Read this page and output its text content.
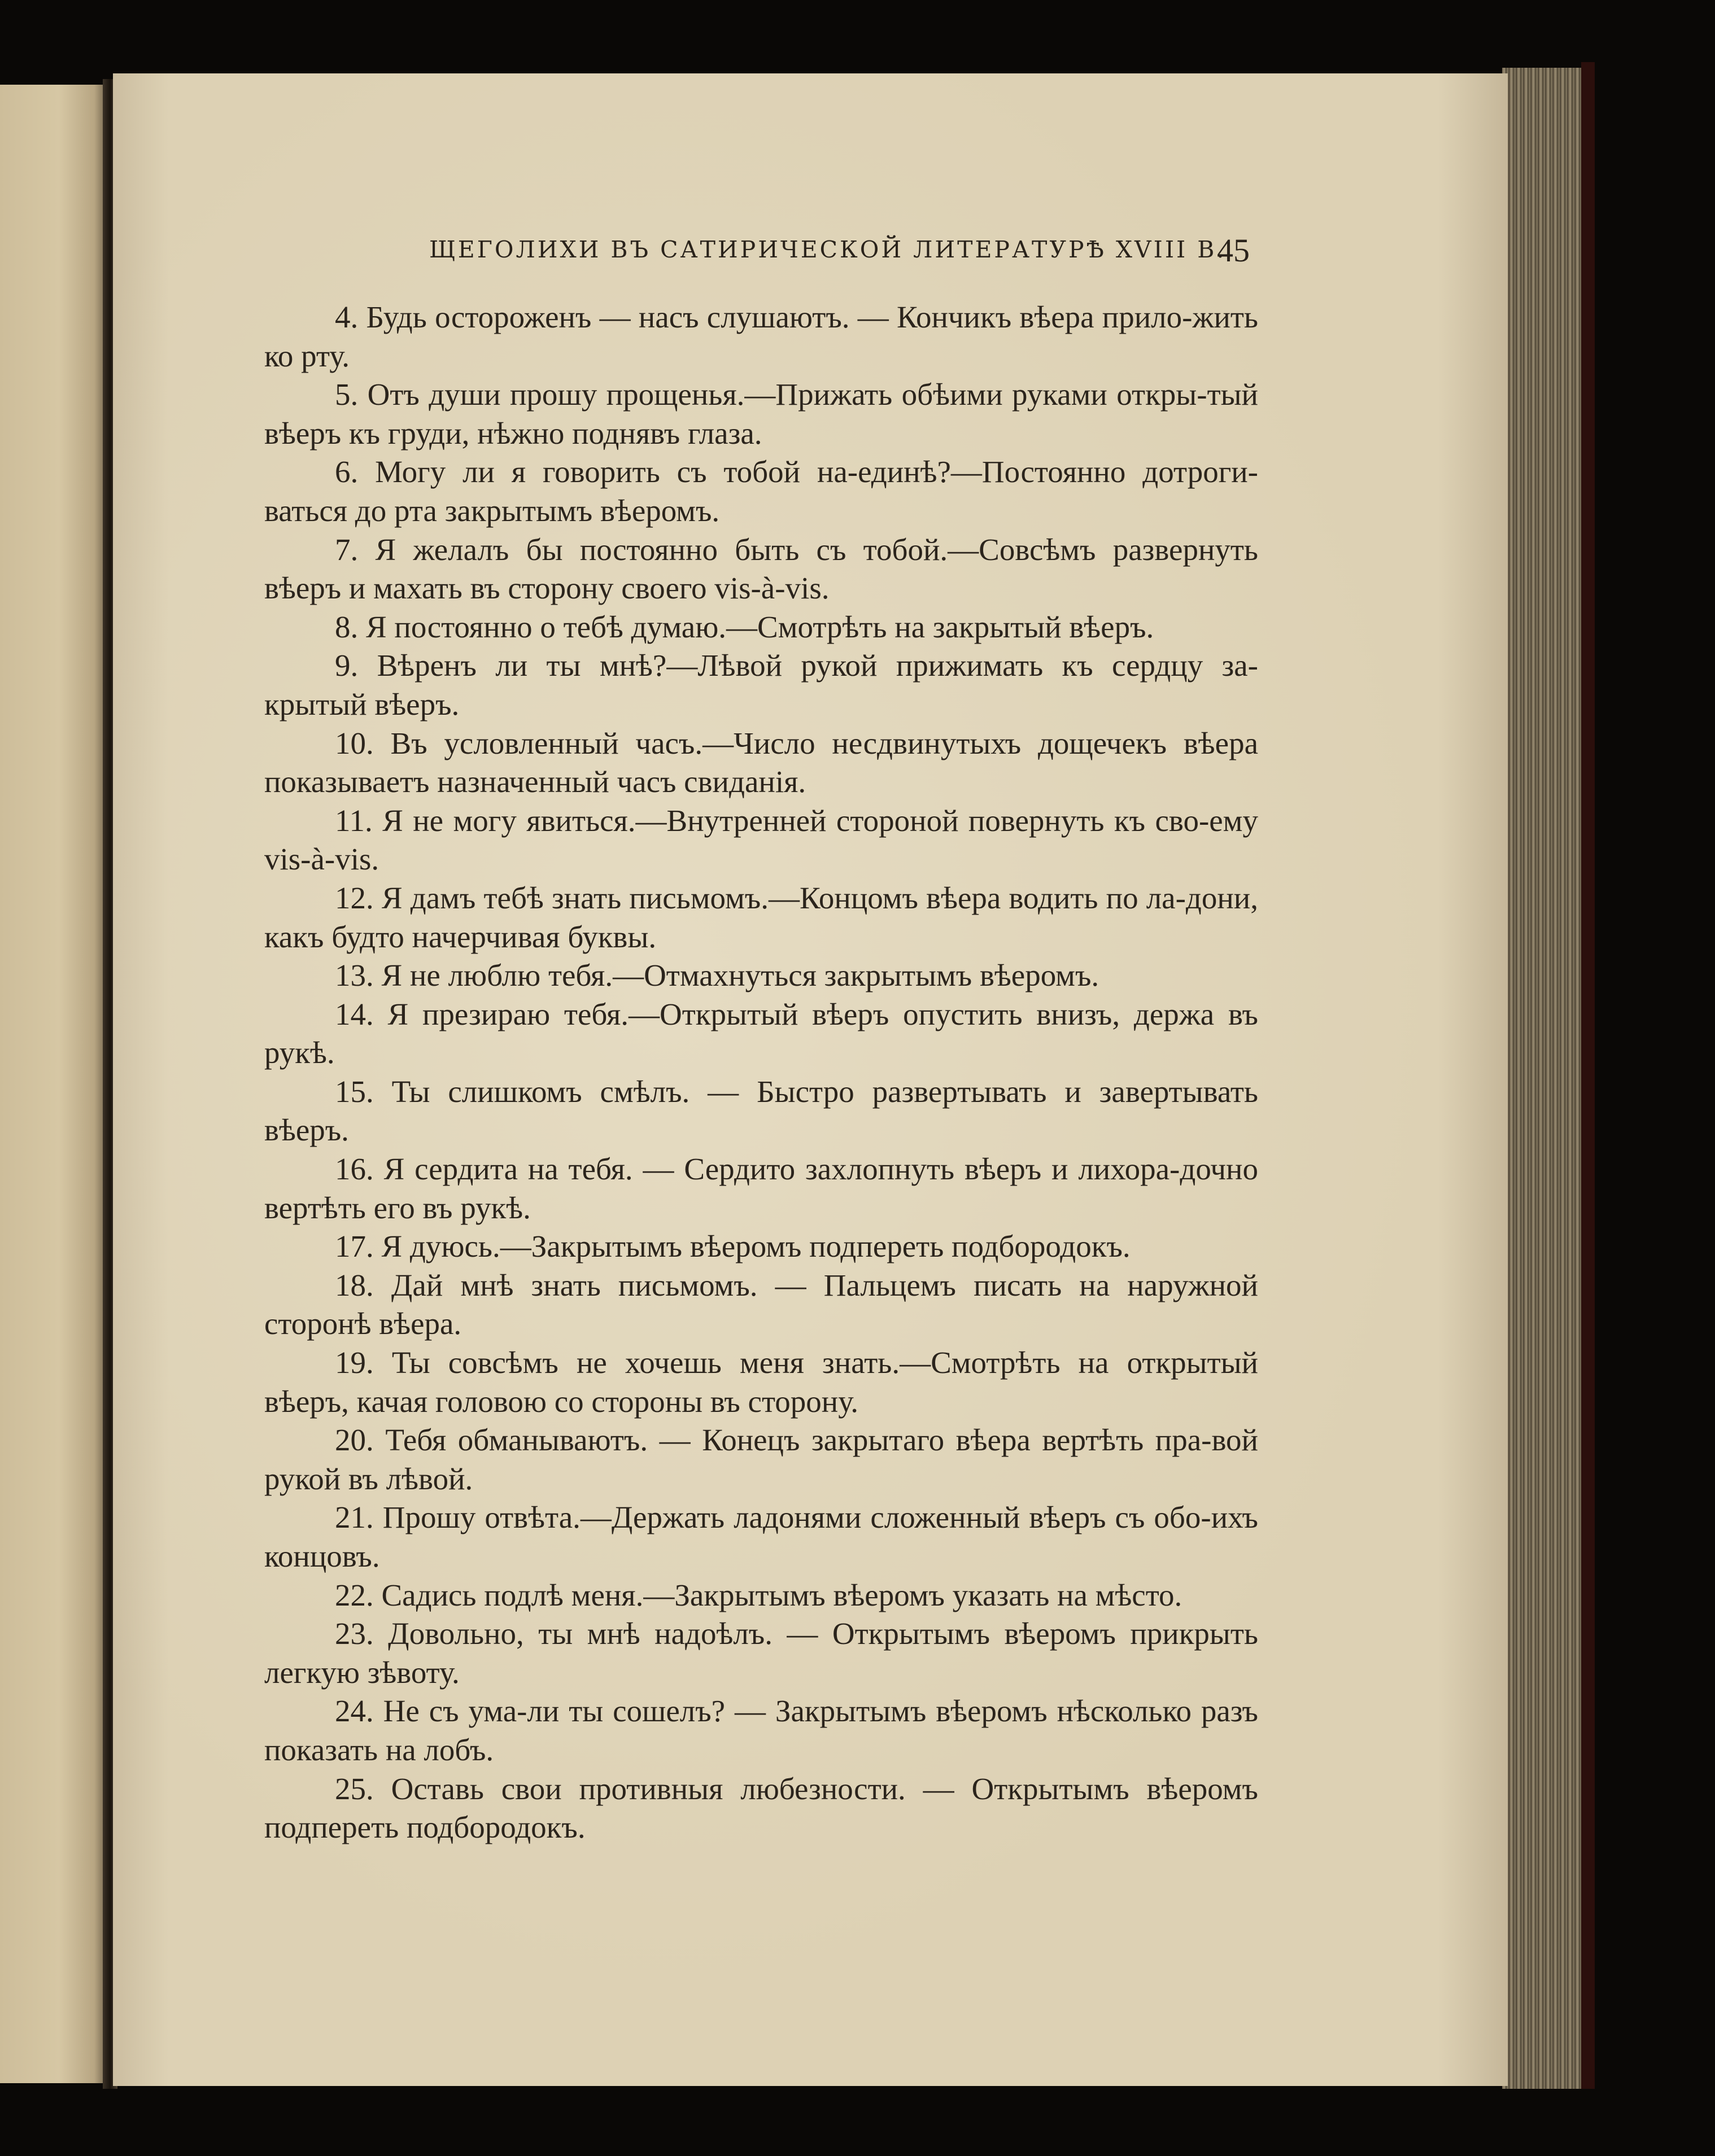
ЩЕГОЛИХИ ВЪ САТИРИЧЕСКОЙ ЛИТЕРАТУРѢ XVIII В.
45

4. Будь остороженъ — насъ слушаютъ. — Кончикъ вѣера прило-жить ко рту.

5. Отъ души прошу прощенья.—Прижать обѣими руками откры-тый вѣеръ къ груди, нѣжно поднявъ глаза.

6. Могу ли я говорить съ тобой на-единѣ?—Постоянно дотроги-ваться до рта закрытымъ вѣеромъ.

7. Я желалъ бы постоянно быть съ тобой.—Совсѣмъ развернуть вѣеръ и махать въ сторону своего vis-à-vis.

8. Я постоянно о тебѣ думаю.—Смотрѣть на закрытый вѣеръ.

9. Вѣренъ ли ты мнѣ?—Лѣвой рукой прижимать къ сердцу за-крытый вѣеръ.

10. Въ условленный часъ.—Число несдвинутыхъ дощечекъ вѣера показываетъ назначенный часъ свиданія.

11. Я не могу явиться.—Внутренней стороной повернуть къ сво-ему vis-à-vis.

12. Я дамъ тебѣ знать письмомъ.—Концомъ вѣера водить по ла-дони, какъ будто начерчивая буквы.

13. Я не люблю тебя.—Отмахнуться закрытымъ вѣеромъ.

14. Я презираю тебя.—Открытый вѣеръ опустить внизъ, держа въ рукѣ.

15. Ты слишкомъ смѣлъ. — Быстро развертывать и завертывать вѣеръ.

16. Я сердита на тебя. — Сердито захлопнуть вѣеръ и лихора-дочно вертѣть его въ рукѣ.

17. Я дуюсь.—Закрытымъ вѣеромъ подпереть подбородокъ.

18. Дай мнѣ знать письмомъ. — Пальцемъ писать на наружной сторонѣ вѣера.

19. Ты совсѣмъ не хочешь меня знать.—Смотрѣть на открытый вѣеръ, качая головою со стороны въ сторону.

20. Тебя обманываютъ. — Конецъ закрытаго вѣера вертѣть пра-вой рукой въ лѣвой.

21. Прошу отвѣта.—Держать ладонями сложенный вѣеръ съ обо-ихъ концовъ.

22. Садись подлѣ меня.—Закрытымъ вѣеромъ указать на мѣсто.

23. Довольно, ты мнѣ надоѣлъ. — Открытымъ вѣеромъ прикрыть легкую зѣвоту.

24. Не съ ума-ли ты сошелъ? — Закрытымъ вѣеромъ нѣсколько разъ показать на лобъ.

25. Оставь свои противныя любезности. — Открытымъ вѣеромъ подпереть подбородокъ.
